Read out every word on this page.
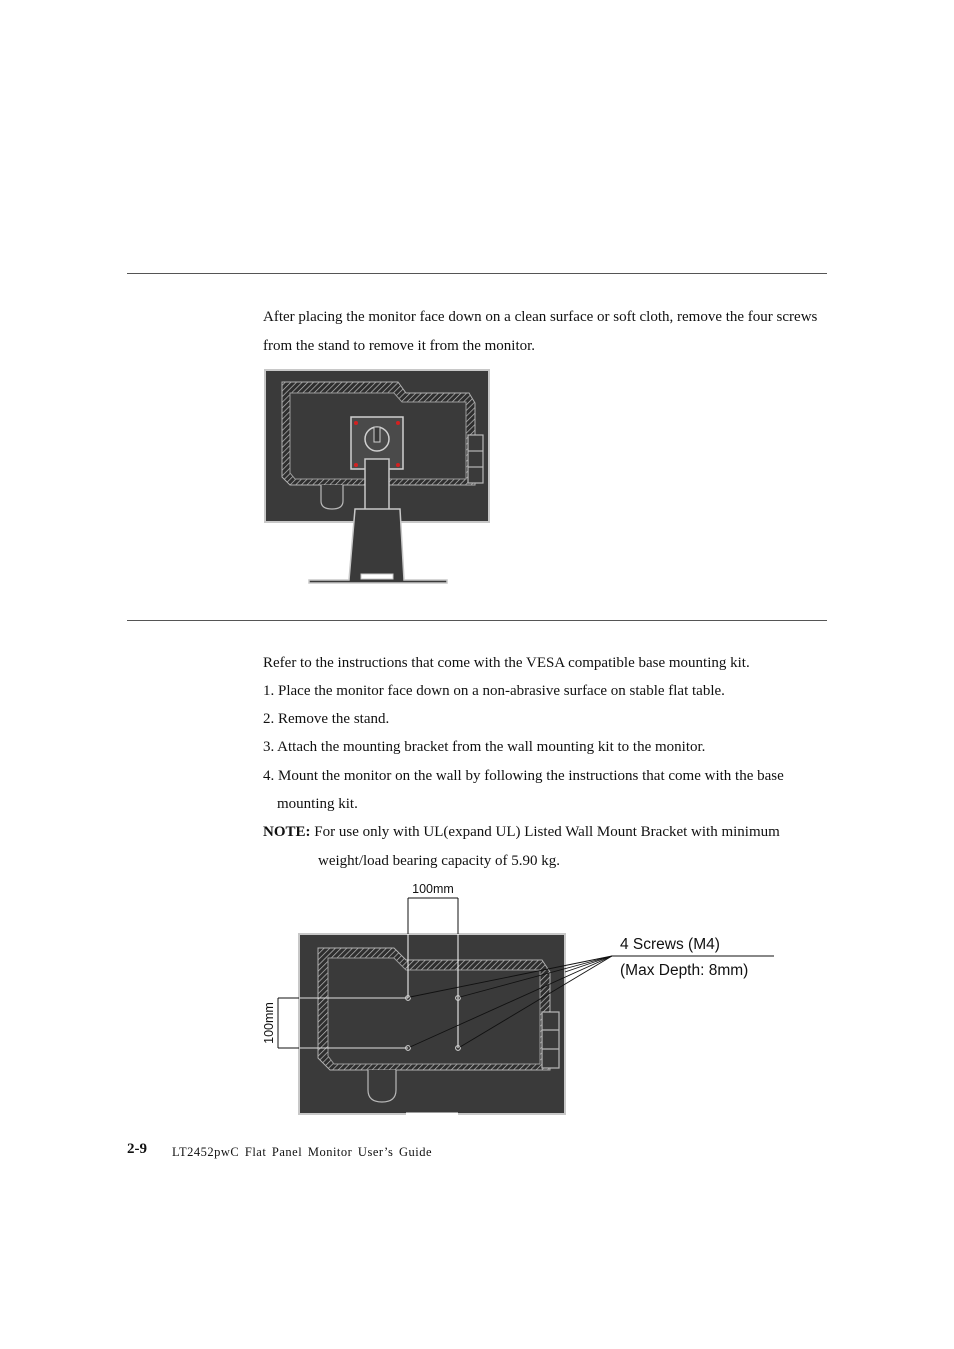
After placing the monitor face down on a clean surface or soft cloth, remove the four screws from the stand to remove it from the monitor.

Refer to the instructions that come with the VESA compatible base mounting kit.

1. Place the monitor face down on a non-abrasive surface on stable flat table.

2. Remove the stand.

3. Attach the mounting bracket from the wall mounting kit to the monitor.

4. Mount the monitor on the wall by following the instructions that come with the base

mounting kit.

NOTE: For use only with UL(expand UL) Listed Wall Mount Bracket with minimum

weight/load bearing capacity of 5.90 kg.

100mm
100mm
4 Screws (M4)
(Max Depth: 8mm)
2-9 LT2452pwC Flat Panel Monitor User’s Guide
